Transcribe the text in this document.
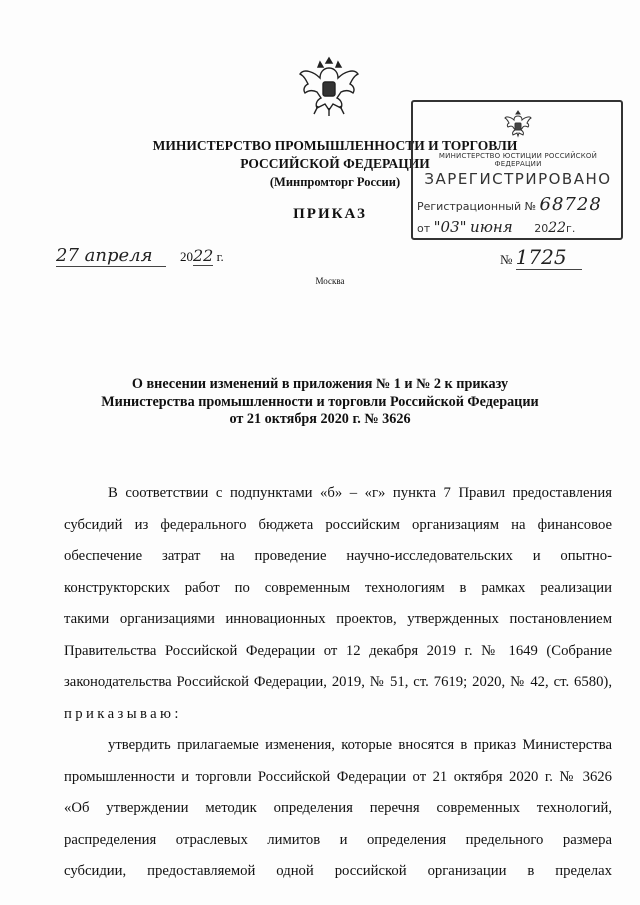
МИНИСТЕРСТВО ПРОМЫШЛЕННОСТИ И ТОРГОВЛИ
РОССИЙСКОЙ ФЕДЕРАЦИИ
(Минпромторг России)
ПРИКАЗ
МИНИСТЕРСТВО ЮСТИЦИИ РОССИЙСКОЙ ФЕДЕРАЦИИ
ЗАРЕГИСТРИРОВАНО
Регистрационный № 68728
от "03" июня 2022г.
27 апреля 2022 г.	№ 1725
Москва
О внесении изменений в приложения № 1 и № 2 к приказу
Министерства промышленности и торговли Российской Федерации
от 21 октября 2020 г. № 3626

В соответствии с подпунктами «б» – «г» пункта 7 Правил предоставления

субсидий из федерального бюджета российским организациям на финансовое

обеспечение затрат на проведение научно-исследовательских и опытно-

конструкторских работ по современным технологиям в рамках реализации

такими организациями инновационных проектов, утвержденных постановлением

Правительства Российской Федерации от 12 декабря 2019 г. № 1649 (Собрание

законодательства Российской Федерации, 2019, № 51, ст. 7619; 2020, № 42, ст. 6580),

приказываю:

утвердить прилагаемые изменения, которые вносятся в приказ Министерства

промышленности и торговли Российской Федерации от 21 октября 2020 г. № 3626

«Об утверждении методик определения перечня современных технологий,

распределения отраслевых лимитов и определения предельного размера

субсидии, предоставляемой одной российской организации в пределах
